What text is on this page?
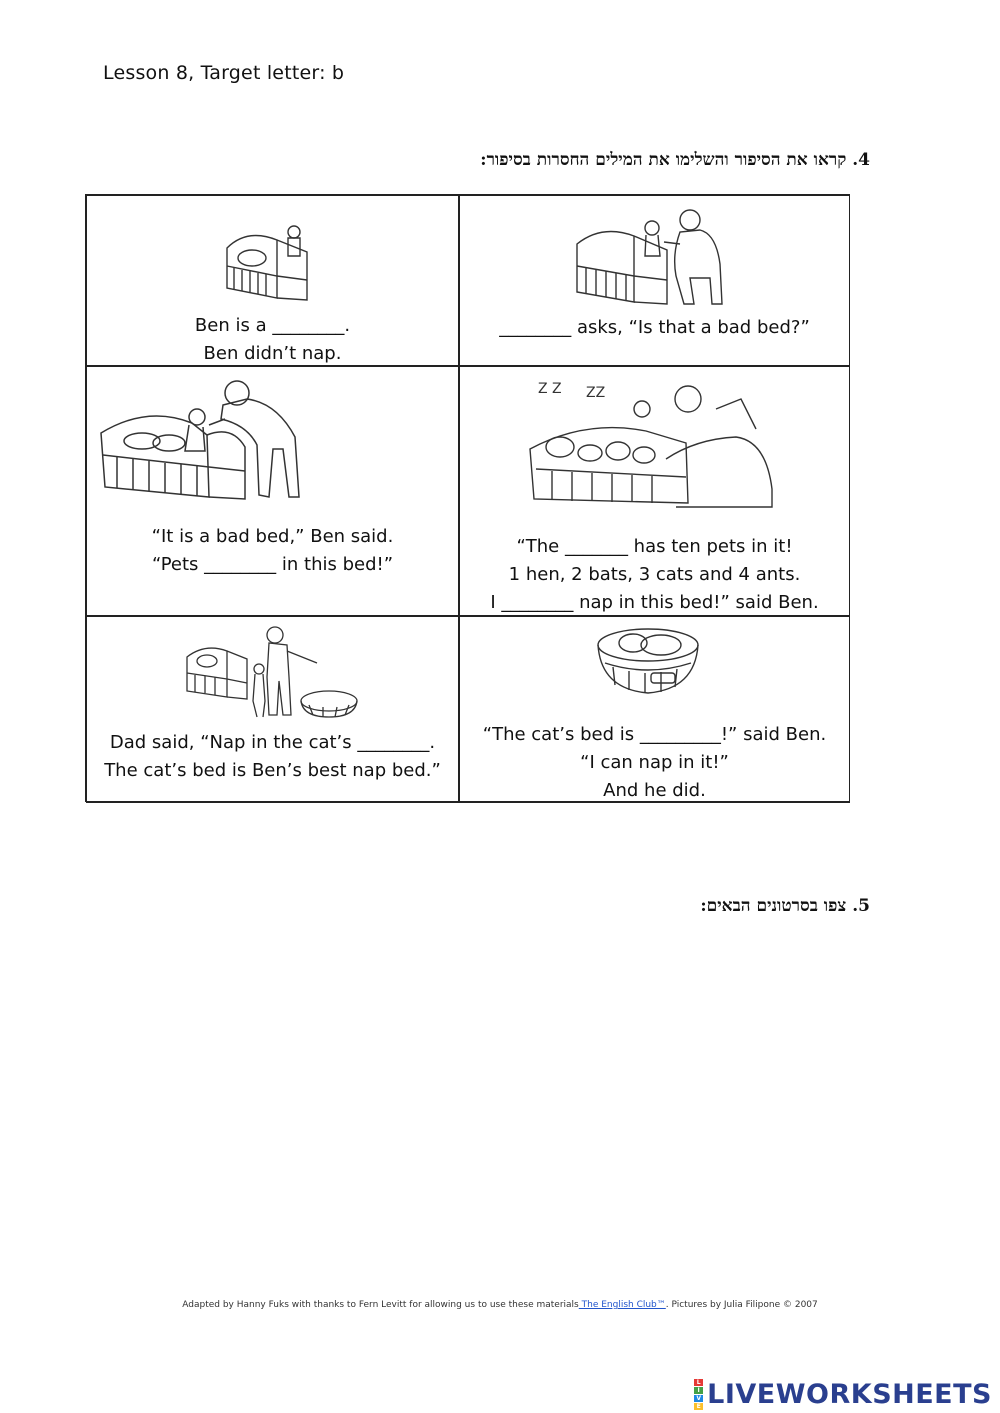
Lesson 8, Target letter: b
4. קראו את הסיפור והשלימו את המילים החסרות בסיפור:
Ben is a ________.
Ben didn’t nap.
________ asks, “Is that a bad bed?”
“It is a bad bed,” Ben said.
“Pets ________ in this bed!”
Z Z ZZ
“The _______ has ten pets in it!
1 hen, 2 bats, 3 cats and 4 ants.
I ________ nap in this bed!” said Ben.
Dad said, “Nap in the cat’s ________.
The cat’s bed is Ben’s best nap bed.”
“The cat’s bed is _________!” said Ben.
“I can nap in it!”
And he did.
5. צפו בסרטונים הבאים:
Adapted by Hanny Fuks with thanks to Fern Levitt for allowing us to use these materials The English Club™. Pictures by Julia Filipone © 2007
L
I
V
E LIVEWORKSHEETS
